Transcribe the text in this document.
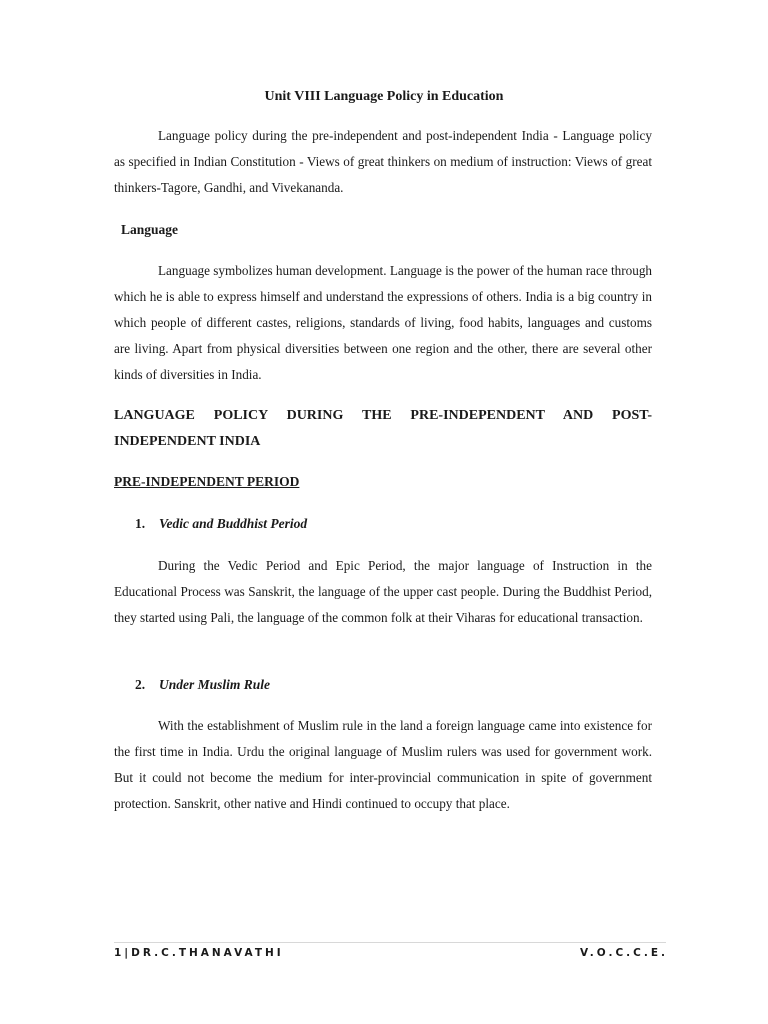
Unit VIII Language Policy in Education

Language policy during the pre-independent and post-independent India - Language policy as specified in Indian Constitution - Views of great thinkers on medium of instruction: Views of great thinkers-Tagore, Gandhi, and Vivekananda.

Language

Language symbolizes human development. Language is the power of the human race through which he is able to express himself and understand the expressions of others. India is a big country in which people of different castes, religions, standards of living, food habits, languages and customs are living. Apart from physical diversities between one region and the other, there are several other kinds of diversities in India.

LANGUAGE POLICY DURING THE PRE-INDEPENDENT AND POST-INDEPENDENT INDIA
PRE-INDEPENDENT PERIOD
1. Vedic and Buddhist Period

During the Vedic Period and Epic Period, the major language of Instruction in the Educational Process was Sanskrit, the language of the upper cast people. During the Buddhist Period, they started using Pali, the language of the common folk at their Viharas for educational transaction.

2. Under Muslim Rule

With the establishment of Muslim rule in the land a foreign language came into existence for the first time in India. Urdu the original language of Muslim rulers was used for government work. But it could not become the medium for inter-provincial communication in spite of government protection. Sanskrit, other native and Hindi continued to occupy that place.

1|DR.C.THANAVATHI	V.O.C.C.E.
